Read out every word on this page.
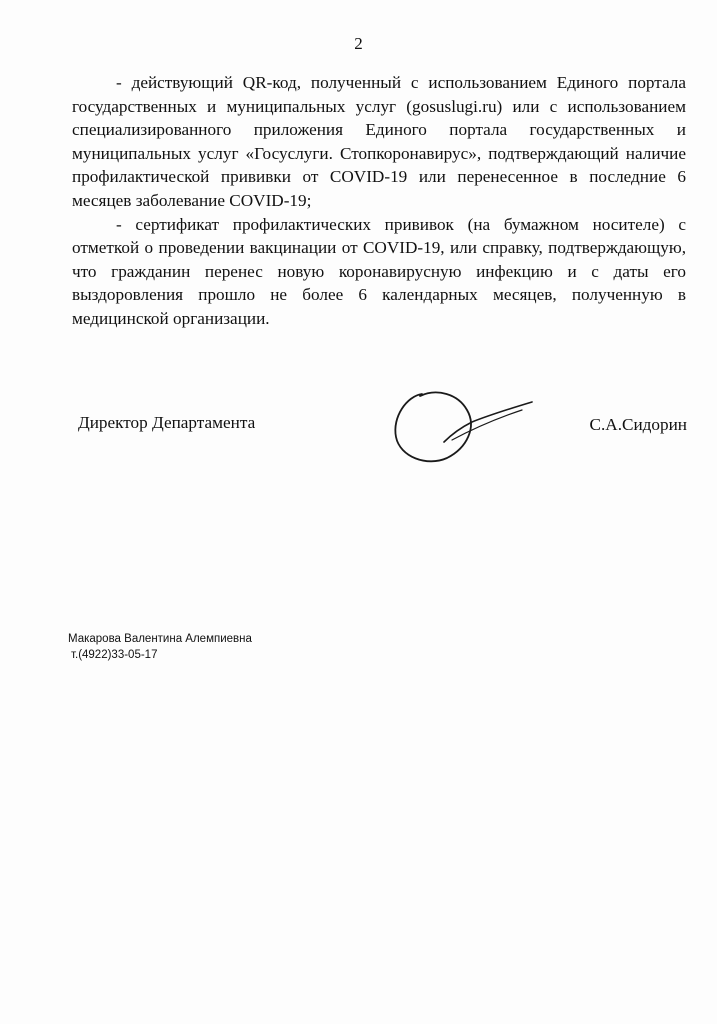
2

- действующий QR-код, полученный с использованием Единого портала государственных и муниципальных услуг (gosuslugi.ru) или с использованием специализированного приложения Единого портала государственных и муниципальных услуг «Госуслуги. Стопкоронавирус», подтверждающий наличие профилактической прививки от COVID-19 или перенесенное в последние 6 месяцев заболевание COVID-19;

- сертификат профилактических прививок (на бумажном носителе) с отметкой о проведении вакцинации от COVID-19, или справку, подтверждающую, что гражданин перенес новую коронавирусную инфекцию и с даты его выздоровления прошло не более 6 календарных месяцев, полученную в медицинской организации.

Директор Департамента	С.А.Сидорин
Макарова Валентина Алемпиевна
т.(4922)33-05-17
